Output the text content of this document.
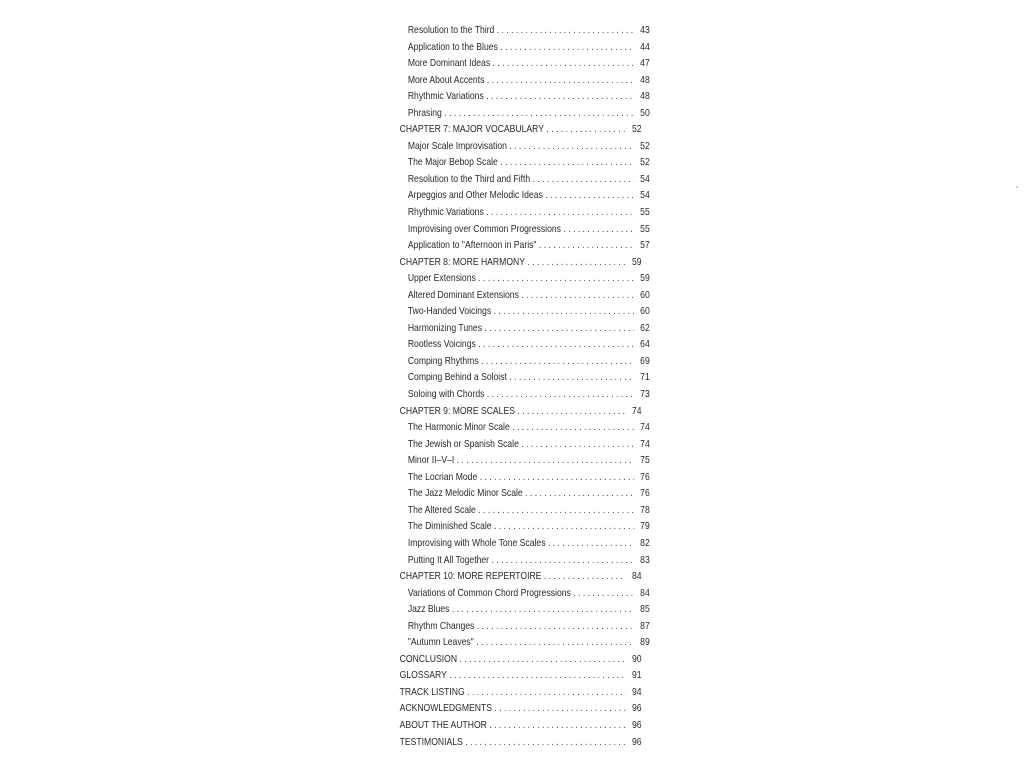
Resolution to the Third . . .	43
Application to the Blues . . .	44
More Dominant Ideas . . .	47
More About Accents . . .	48
Rhythmic Variations . . .	48
Phrasing . . .	50
CHAPTER 7: MAJOR VOCABULARY . . .	52
Major Scale Improvisation . . .	52
The Major Bebop Scale . . .	52
Resolution to the Third and Fifth . . .	54
Arpeggios and Other Melodic Ideas . . .	54
Rhythmic Variations . . .	55
Improvising over Common Progressions . . .	55
Application to "Afternoon in Paris" . . .	57
CHAPTER 8: MORE HARMONY . . .	59
Upper Extensions . . .	59
Altered Dominant Extensions . . .	60
Two-Handed Voicings . . .	60
Harmonizing Tunes . . .	62
Rootless Voicings . . .	64
Comping Rhythms . . .	69
Comping Behind a Soloist . . .	71
Soloing with Chords . . .	73
CHAPTER 9: MORE SCALES . . .	74
The Harmonic Minor Scale . . .	74
The Jewish or Spanish Scale . . .	74
Minor II–V–I . . .	75
The Locrian Mode . . .	76
The Jazz Melodic Minor Scale . . .	76
The Altered Scale . . .	78
The Diminished Scale . . .	79
Improvising with Whole Tone Scales . . .	82
Putting It All Together . . .	83
CHAPTER 10: MORE REPERTOIRE . . .	84
Variations of Common Chord Progressions . . .	84
Jazz Blues . . .	85
Rhythm Changes . . .	87
"Autumn Leaves" . . .	89
CONCLUSION . . .	90
GLOSSARY . . .	91
TRACK LISTING . . .	94
ACKNOWLEDGMENTS . . .	96
ABOUT THE AUTHOR . . .	96
TESTIMONIALS . . .	96
